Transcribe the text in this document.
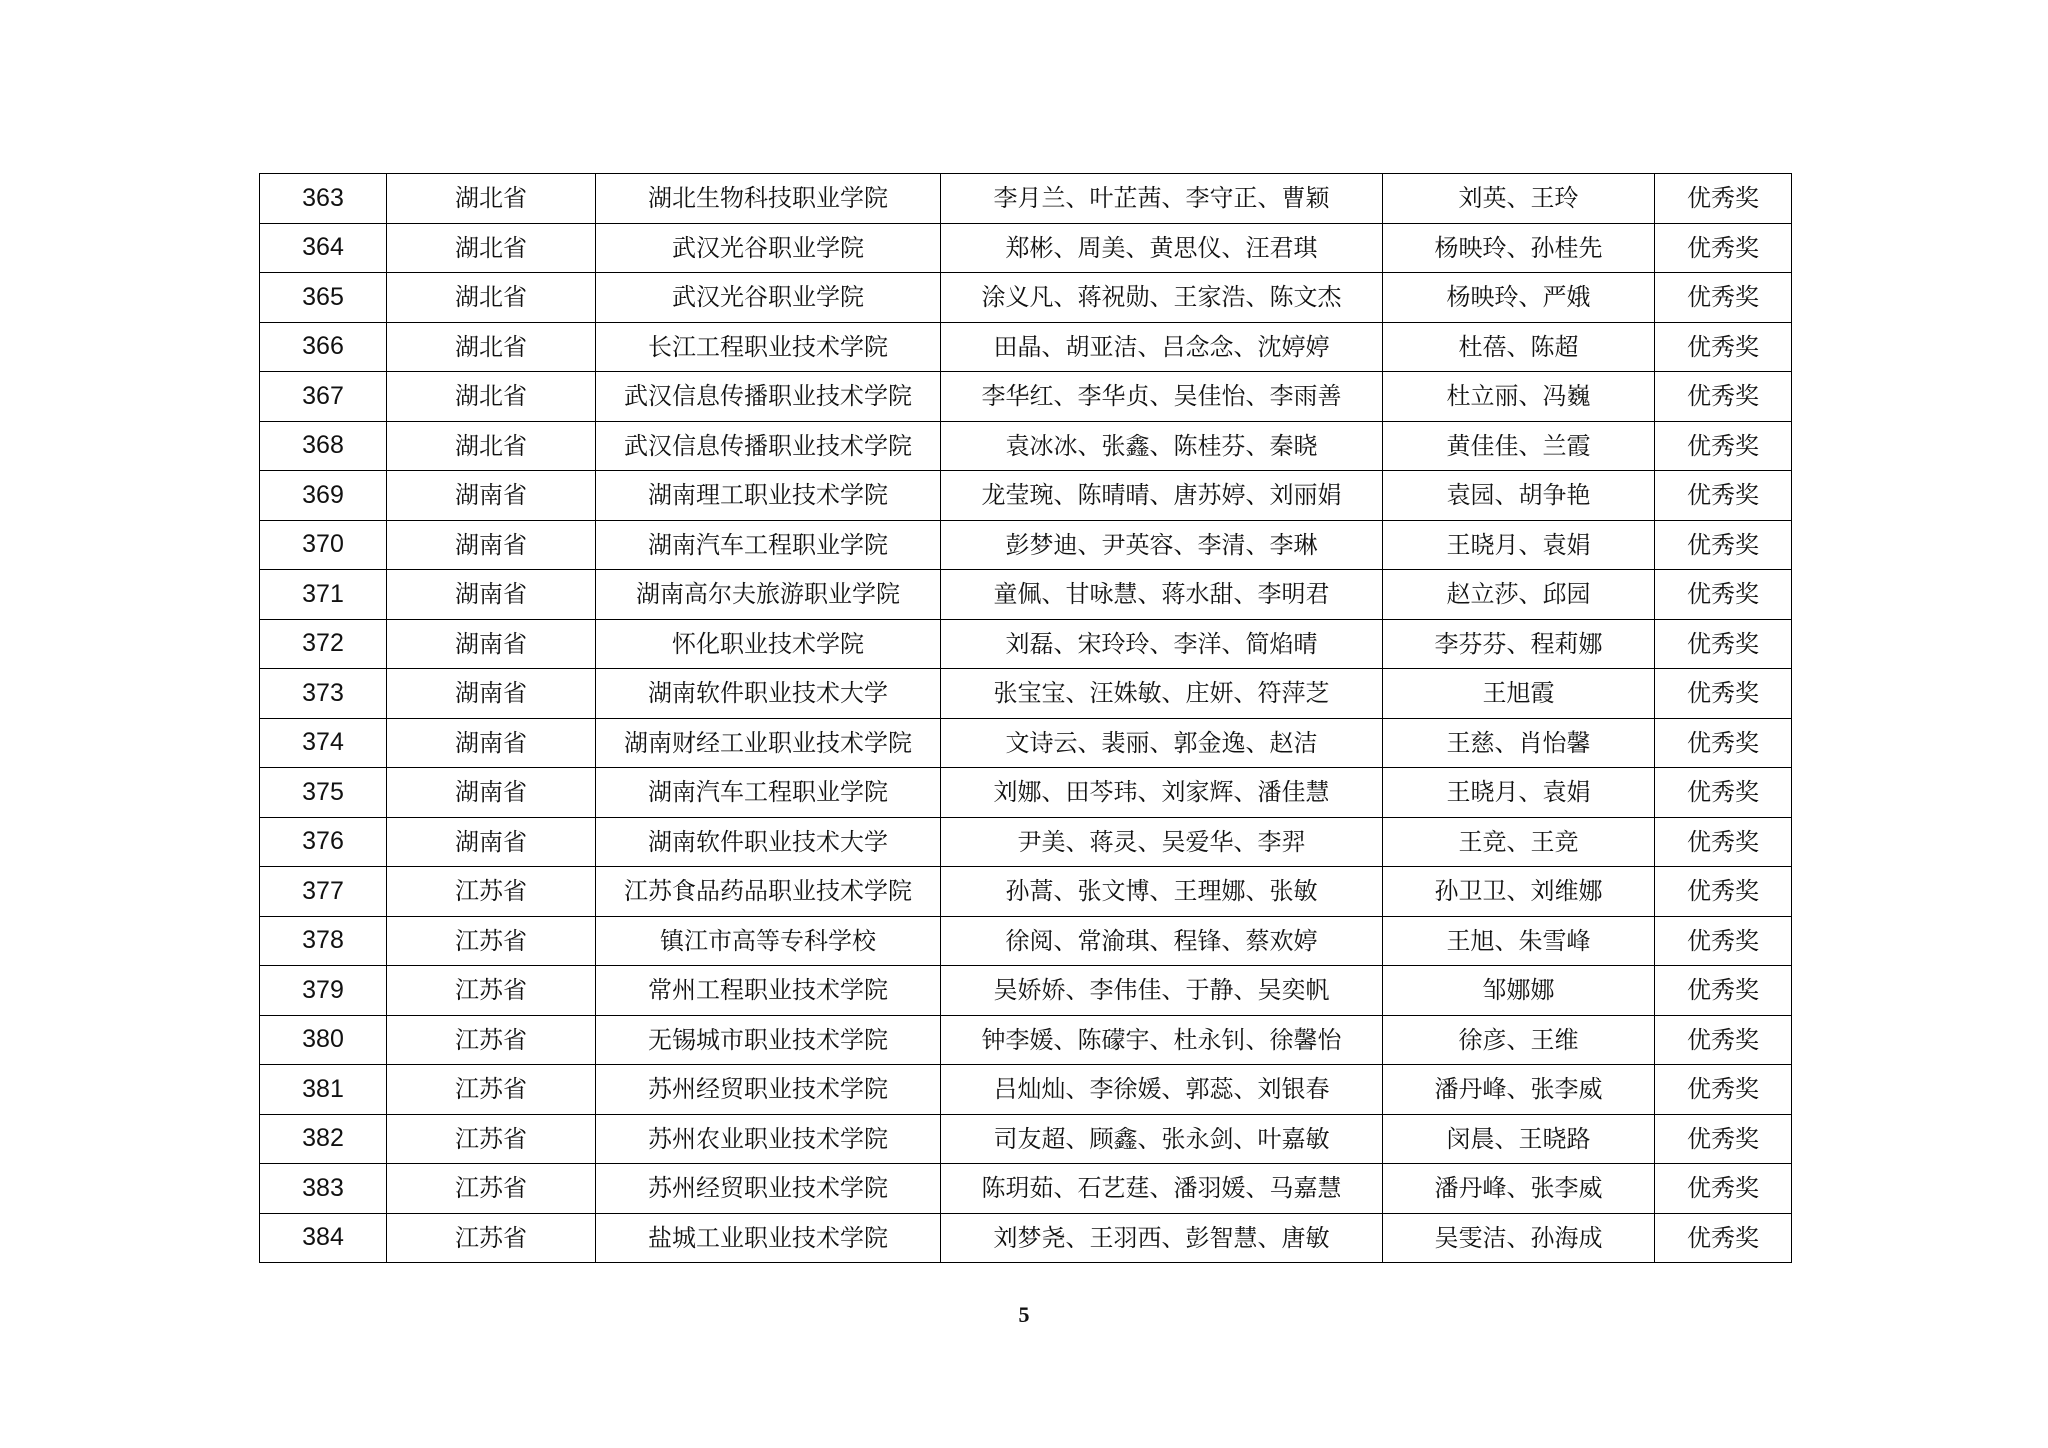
363	湖北省	湖北生物科技职业学院	李月兰、叶芷茜、李守正、曹颖	刘英、王玲	优秀奖
364	湖北省	武汉光谷职业学院	郑彬、周美、黄思仪、汪君琪	杨映玲、孙桂先	优秀奖
365	湖北省	武汉光谷职业学院	涂义凡、蒋祝勋、王家浩、陈文杰	杨映玲、严娥	优秀奖
366	湖北省	长江工程职业技术学院	田晶、胡亚洁、吕念念、沈婷婷	杜蓓、陈超	优秀奖
367	湖北省	武汉信息传播职业技术学院	李华红、李华贞、吴佳怡、李雨善	杜立丽、冯巍	优秀奖
368	湖北省	武汉信息传播职业技术学院	袁冰冰、张鑫、陈桂芬、秦晓	黄佳佳、兰霞	优秀奖
369	湖南省	湖南理工职业技术学院	龙莹琬、陈晴晴、唐苏婷、刘丽娟	袁园、胡争艳	优秀奖
370	湖南省	湖南汽车工程职业学院	彭梦迪、尹英容、李清、李琳	王晓月、袁娟	优秀奖
371	湖南省	湖南高尔夫旅游职业学院	童佩、甘咏慧、蒋水甜、李明君	赵立莎、邱园	优秀奖
372	湖南省	怀化职业技术学院	刘磊、宋玲玲、李洋、简焰晴	李芬芬、程莉娜	优秀奖
373	湖南省	湖南软件职业技术大学	张宝宝、汪姝敏、庄妍、符萍芝	王旭霞	优秀奖
374	湖南省	湖南财经工业职业技术学院	文诗云、裴丽、郭金逸、赵洁	王慈、肖怡馨	优秀奖
375	湖南省	湖南汽车工程职业学院	刘娜、田芩玮、刘家辉、潘佳慧	王晓月、袁娟	优秀奖
376	湖南省	湖南软件职业技术大学	尹美、蒋灵、吴爱华、李羿	王竞、王竞	优秀奖
377	江苏省	江苏食品药品职业技术学院	孙蒿、张文博、王理娜、张敏	孙卫卫、刘维娜	优秀奖
378	江苏省	镇江市高等专科学校	徐阅、常渝琪、程锋、蔡欢婷	王旭、朱雪峰	优秀奖
379	江苏省	常州工程职业技术学院	吴娇娇、李伟佳、于静、吴奕帆	邹娜娜	优秀奖
380	江苏省	无锡城市职业技术学院	钟李媛、陈礞宇、杜永钊、徐馨怡	徐彦、王维	优秀奖
381	江苏省	苏州经贸职业技术学院	吕灿灿、李徐媛、郭蕊、刘银春	潘丹峰、张李威	优秀奖
382	江苏省	苏州农业职业技术学院	司友超、顾鑫、张永剑、叶嘉敏	闵晨、王晓路	优秀奖
383	江苏省	苏州经贸职业技术学院	陈玥茹、石艺莛、潘羽媛、马嘉慧	潘丹峰、张李威	优秀奖
384	江苏省	盐城工业职业技术学院	刘梦尧、王羽西、彭智慧、唐敏	吴雯洁、孙海成	优秀奖
5
